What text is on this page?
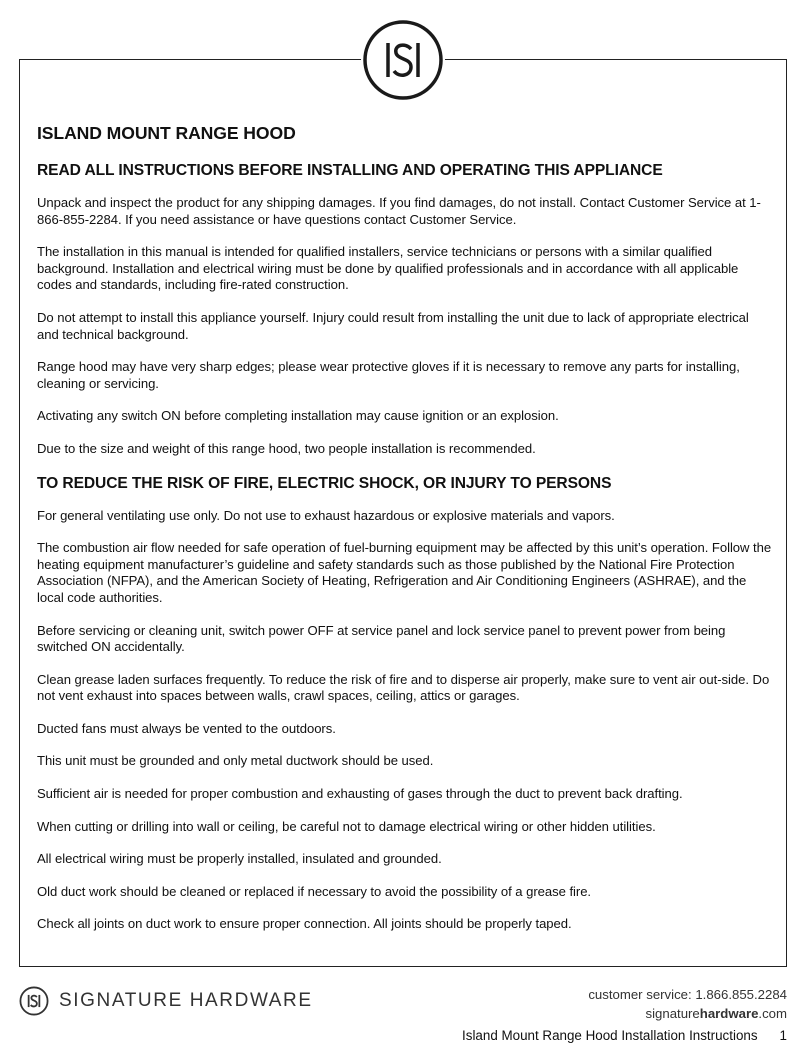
ISLAND MOUNT RANGE HOOD
READ ALL INSTRUCTIONS BEFORE INSTALLING AND OPERATING THIS APPLIANCE
Unpack and inspect the product for any shipping damages. If you find damages, do not install. Contact Customer Service at 1-866-855-2284. If you need assistance or have questions contact Customer Service.
The installation in this manual is intended for qualified installers, service technicians or persons with a similar qualified background. Installation and electrical wiring must be done by qualified professionals and in accordance with all applicable codes and standards, including fire-rated construction.
Do not attempt to install this appliance yourself. Injury could result from installing the unit due to lack of appropriate electrical and technical background.
Range hood may have very sharp edges; please wear protective gloves if it is necessary to remove any parts for installing, cleaning or servicing.
Activating any switch ON before completing installation may cause ignition or an explosion.
Due to the size and weight of this range hood, two people installation is recommended.
TO REDUCE THE RISK OF FIRE, ELECTRIC SHOCK, OR INJURY TO PERSONS
For general ventilating use only. Do not use to exhaust hazardous or explosive materials and vapors.
The combustion air flow needed for safe operation of fuel-burning equipment may be affected by this unit’s operation. Follow the heating equipment manufacturer’s guideline and safety standards such as those published by the National Fire Protection Association (NFPA), and the American Society of Heating, Refrigeration and Air Conditioning Engineers (ASHRAE), and the local code authorities.
Before servicing or cleaning unit, switch power OFF at service panel and lock service panel to prevent power from being switched ON accidentally.
Clean grease laden surfaces frequently. To reduce the risk of fire and to disperse air properly, make sure to vent air out-side. Do not vent exhaust into spaces between walls, crawl spaces, ceiling, attics or garages.
Ducted fans must always be vented to the outdoors.
This unit must be grounded and only metal ductwork should be used.
Sufficient air is needed for proper combustion and exhausting of gases through the duct to prevent back drafting.
When cutting or drilling into wall or ceiling, be careful not to damage electrical wiring or other hidden utilities.
All electrical wiring must be properly installed, insulated and grounded.
Old duct work should be cleaned or replaced if necessary to avoid the possibility of a grease fire.
Check all joints on duct work to ensure proper connection. All joints should be properly taped.
SIGNATURE HARDWARE	customer service: 1.866.855.2284
signaturehardware.com
Island Mount Range Hood Installation Instructions 1
